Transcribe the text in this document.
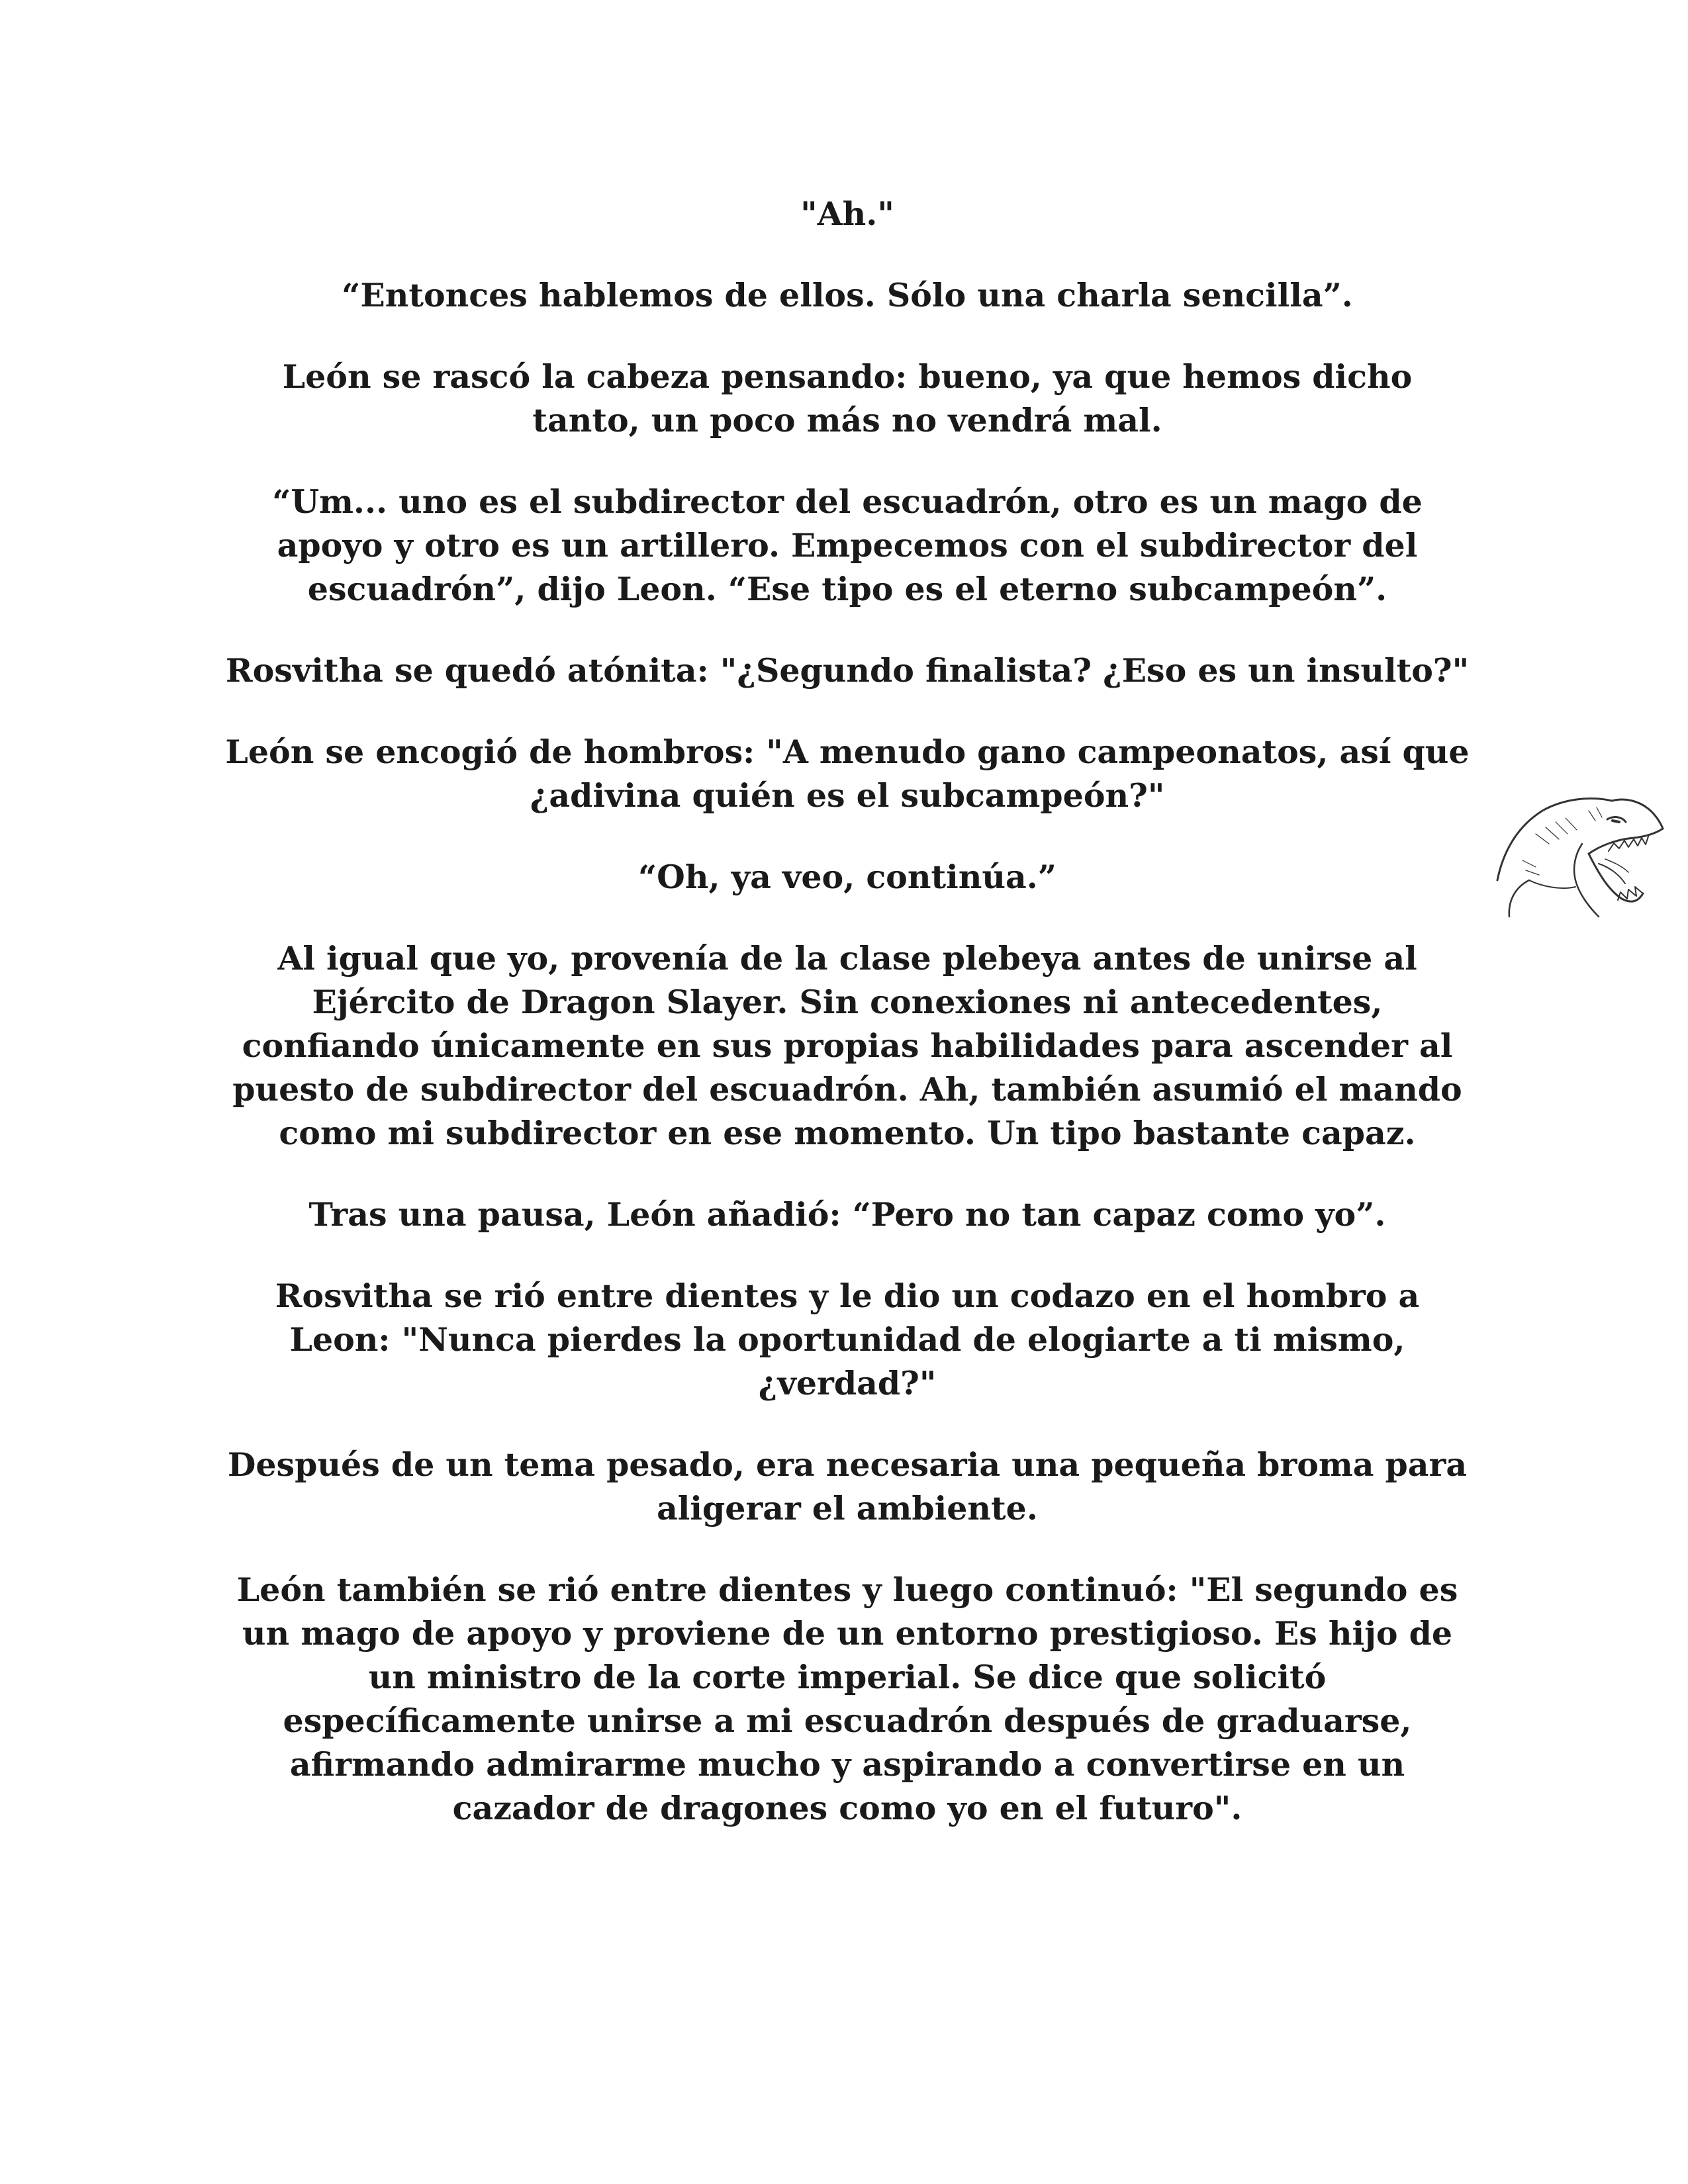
"Ah."

“Entonces hablemos de ellos. Sólo una charla sencilla”.

León se rascó la cabeza pensando: bueno, ya que hemos dicho tanto, un poco más no vendrá mal.

“Um... uno es el subdirector del escuadrón, otro es un mago de apoyo y otro es un artillero. Empecemos con el subdirector del escuadrón”, dijo Leon. “Ese tipo es el eterno subcampeón”.

Rosvitha se quedó atónita: "¿Segundo finalista? ¿Eso es un insulto?"

León se encogió de hombros: "A menudo gano campeonatos, así que ¿adivina quién es el subcampeón?"

“Oh, ya veo, continúa.”

Al igual que yo, provenía de la clase plebeya antes de unirse al Ejército de Dragon Slayer. Sin conexiones ni antecedentes, confiando únicamente en sus propias habilidades para ascender al puesto de subdirector del escuadrón. Ah, también asumió el mando como mi subdirector en ese momento. Un tipo bastante capaz.

Tras una pausa, León añadió: “Pero no tan capaz como yo”.

Rosvitha se rió entre dientes y le dio un codazo en el hombro a Leon: "Nunca pierdes la oportunidad de elogiarte a ti mismo, ¿verdad?"

Después de un tema pesado, era necesaria una pequeña broma para aligerar el ambiente.

León también se rió entre dientes y luego continuó: "El segundo es un mago de apoyo y proviene de un entorno prestigioso. Es hijo de un ministro de la corte imperial. Se dice que solicitó específicamente unirse a mi escuadrón después de graduarse, afirmando admirarme mucho y aspirando a convertirse en un cazador de dragones como yo en el futuro".
